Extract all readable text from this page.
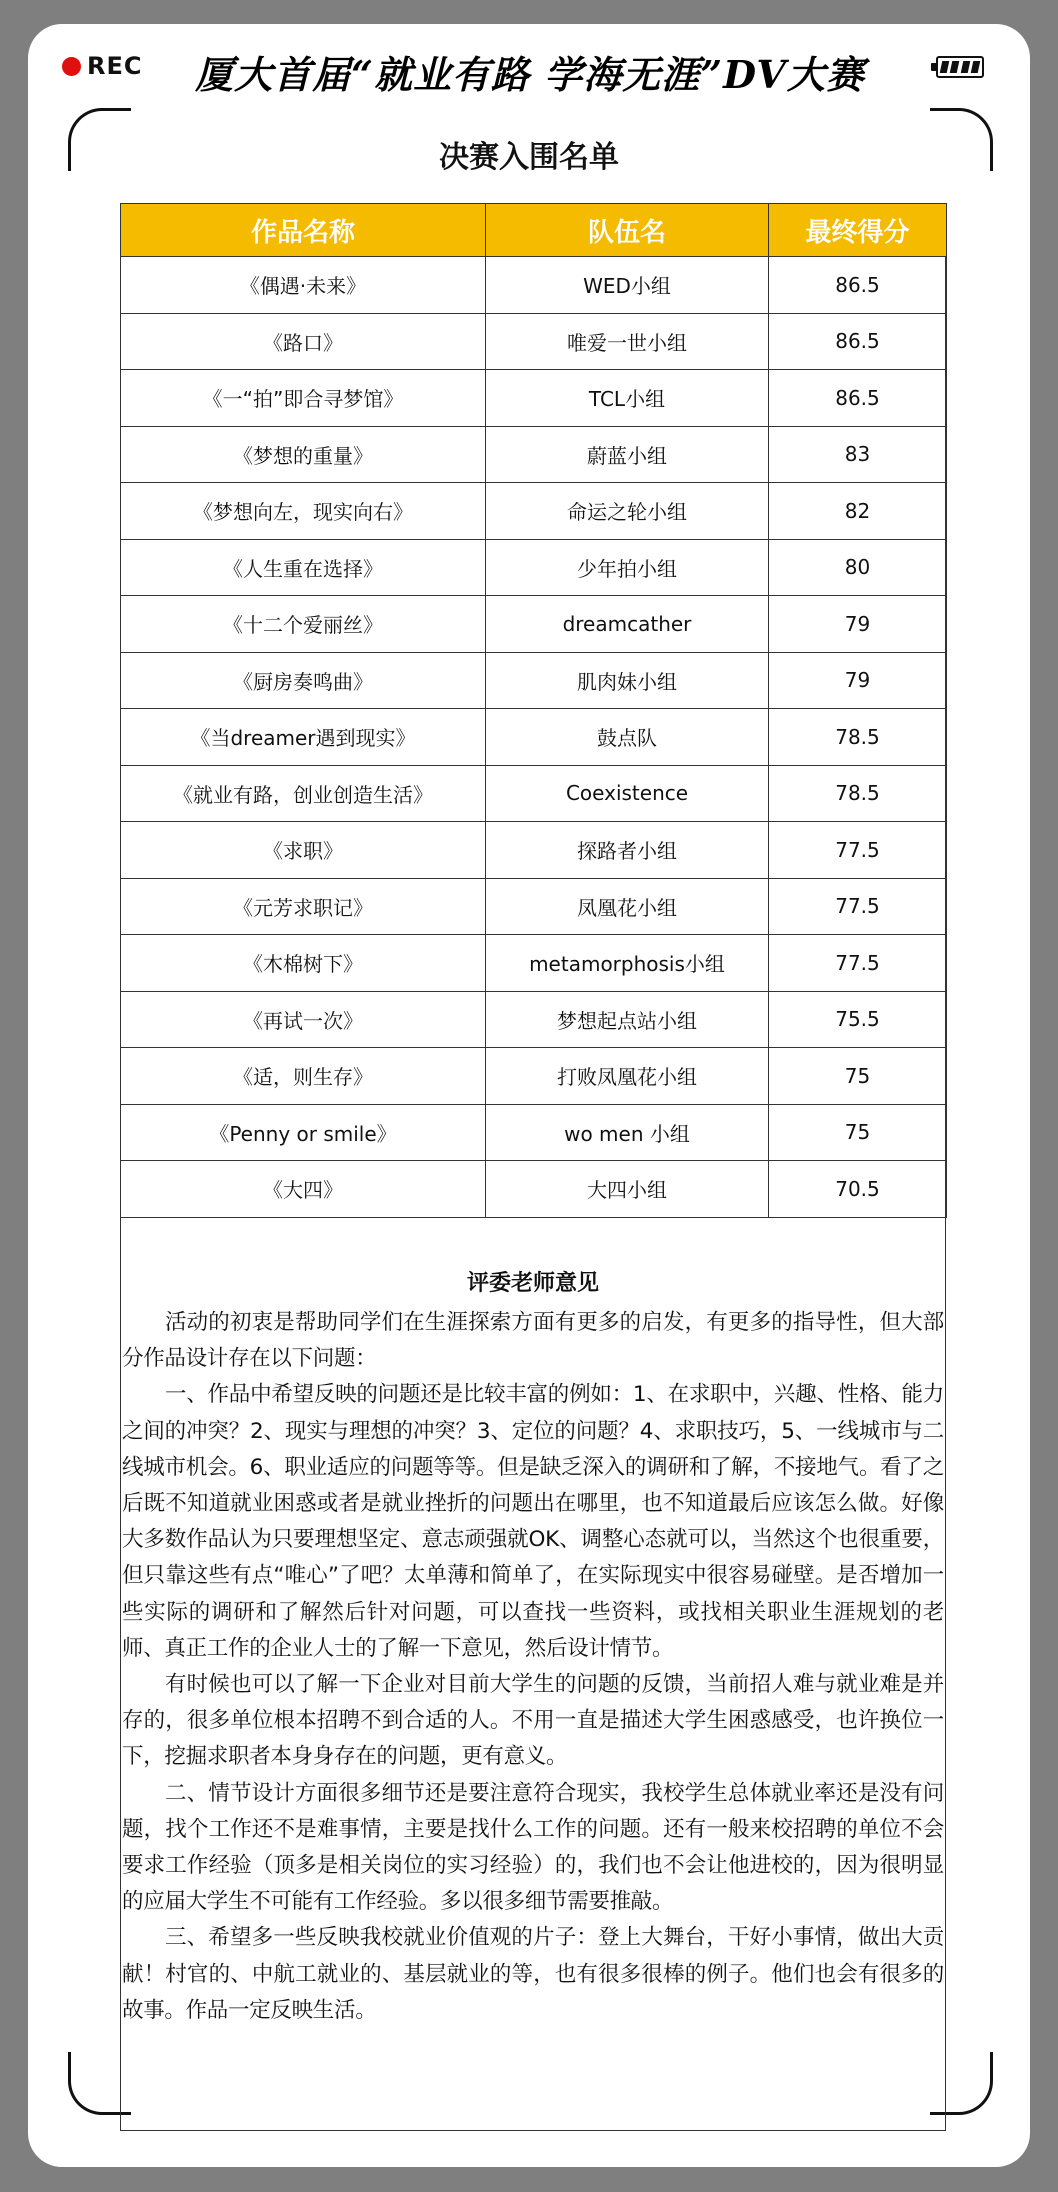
REC	厦大首届“就业有路 学海无涯”DV大赛
决赛入围名单
作品名称	队伍名	最终得分
《偶遇·未来》	WED小组	86.5
《路口》	唯爱一世小组	86.5
《一“拍”即合寻梦馆》	TCL小组	86.5
《梦想的重量》	蔚蓝小组	83
《梦想向左，现实向右》	命运之轮小组	82
《人生重在选择》	少年拍小组	80
《十二个爱丽丝》	dreamcather	79
《厨房奏鸣曲》	肌肉妹小组	79
《当dreamer遇到现实》	鼓点队	78.5
《就业有路，创业创造生活》	Coexistence	78.5
《求职》	探路者小组	77.5
《元芳求职记》	凤凰花小组	77.5
《木棉树下》	metamorphosis小组	77.5
《再试一次》	梦想起点站小组	75.5
《适，则生存》	打败凤凰花小组	75
《Penny or smile》	wo men 小组	75
《大四》	大四小组	70.5
评委老师意见

活动的初衷是帮助同学们在生涯探索方面有更多的启发，有更多的指导性，但大部分作品设计存在以下问题：

一、作品中希望反映的问题还是比较丰富的例如：1、在求职中，兴趣、性格、能力之间的冲突？2、现实与理想的冲突？3、定位的问题？4、求职技巧，5、一线城市与二线城市机会。6、职业适应的问题等等。但是缺乏深入的调研和了解，不接地气。看了之后既不知道就业困惑或者是就业挫折的问题出在哪里，也不知道最后应该怎么做。好像大多数作品认为只要理想坚定、意志顽强就OK、调整心态就可以，当然这个也很重要，但只靠这些有点“唯心”了吧？太单薄和简单了，在实际现实中很容易碰壁。是否增加一些实际的调研和了解然后针对问题，可以查找一些资料，或找相关职业生涯规划的老师、真正工作的企业人士的了解一下意见，然后设计情节。

有时候也可以了解一下企业对目前大学生的问题的反馈，当前招人难与就业难是并存的，很多单位根本招聘不到合适的人。不用一直是描述大学生困惑感受，也许换位一下，挖掘求职者本身身存在的问题，更有意义。

二、情节设计方面很多细节还是要注意符合现实，我校学生总体就业率还是没有问题，找个工作还不是难事情，主要是找什么工作的问题。还有一般来校招聘的单位不会要求工作经验（顶多是相关岗位的实习经验）的，我们也不会让他进校的，因为很明显的应届大学生不可能有工作经验。多以很多细节需要推敲。

三、希望多一些反映我校就业价值观的片子：登上大舞台，干好小事情，做出大贡献！村官的、中航工就业的、基层就业的等，也有很多很棒的例子。他们也会有很多的故事。作品一定反映生活。
